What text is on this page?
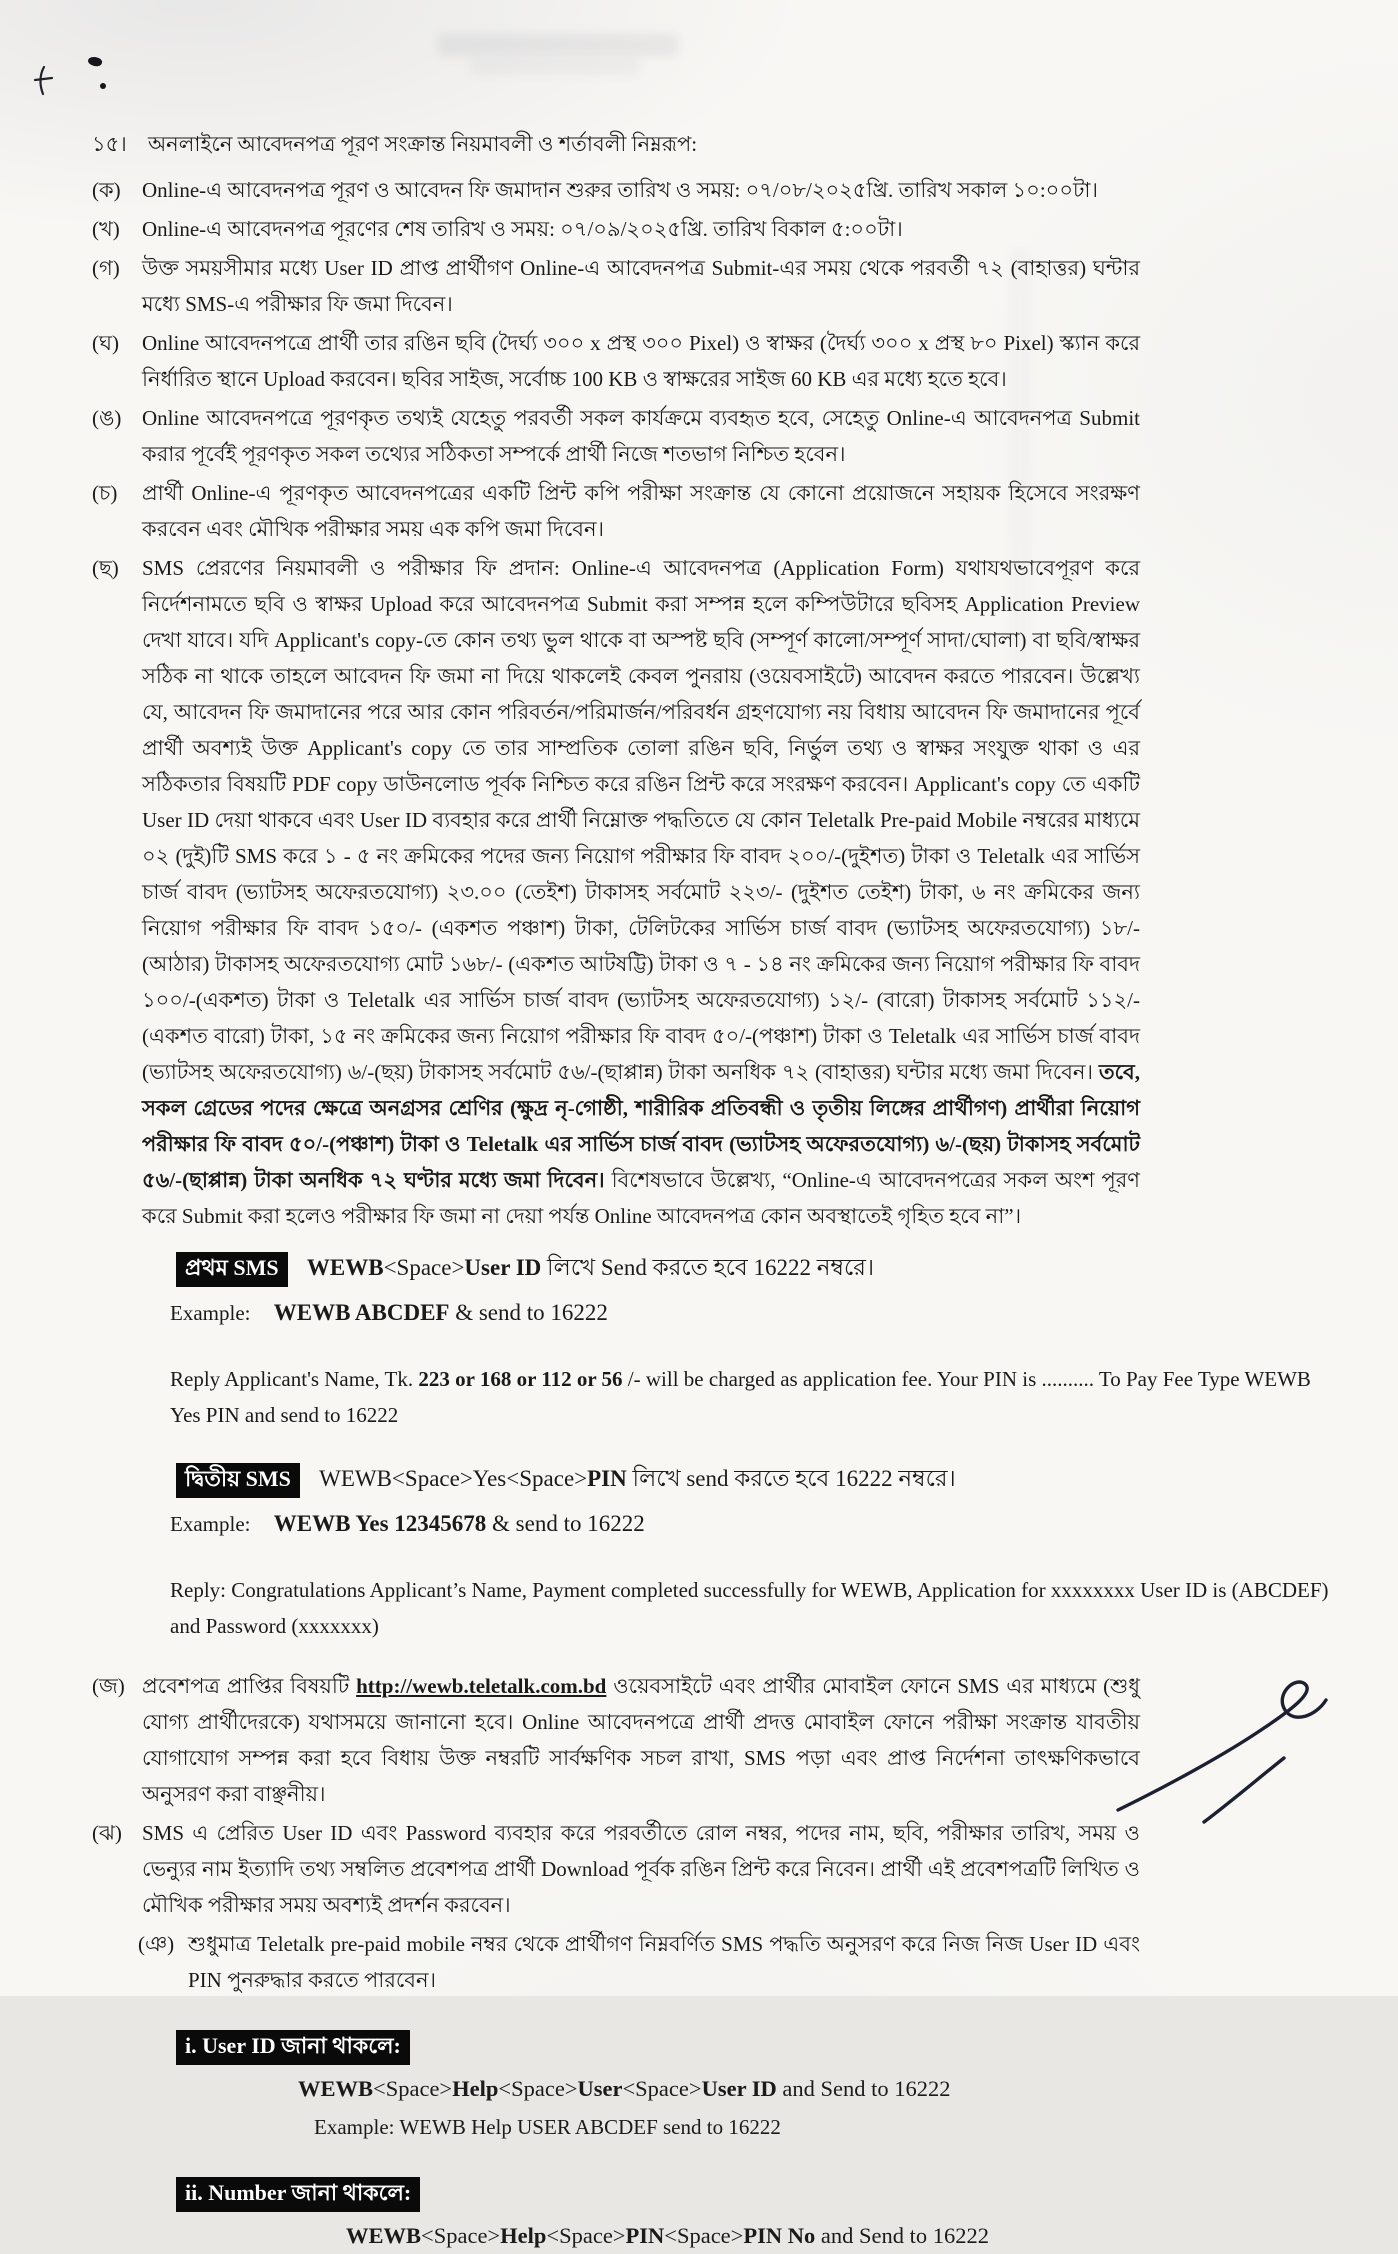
১৫।	অনলাইনে আবেদনপত্র পূরণ সংক্রান্ত নিয়মাবলী ও শর্তাবলী নিম্নরূপ:
(ক)	Online-এ আবেদনপত্র পূরণ ও আবেদন ফি জমাদান শুরুর তারিখ ও সময়: ০৭/০৮/২০২৫খ্রি. তারিখ সকাল ১০:০০টা।
(খ)	Online-এ আবেদনপত্র পূরণের শেষ তারিখ ও সময়: ০৭/০৯/২০২৫খ্রি. তারিখ বিকাল ৫:০০টা।
(গ)	উক্ত সময়সীমার মধ্যে User ID প্রাপ্ত প্রার্থীগণ Online-এ আবেদনপত্র Submit-এর সময় থেকে পরবর্তী ৭২ (বাহাত্তর) ঘন্টার মধ্যে SMS-এ পরীক্ষার ফি জমা দিবেন।
(ঘ)	Online আবেদনপত্রে প্রার্থী তার রঙিন ছবি (দৈর্ঘ্য ৩০০ x প্রস্থ ৩০০ Pixel) ও স্বাক্ষর (দৈর্ঘ্য ৩০০ x প্রস্থ ৮০ Pixel) স্ক্যান করে নির্ধারিত স্থানে Upload করবেন। ছবির সাইজ, সর্বোচ্চ 100 KB ও স্বাক্ষরের সাইজ 60 KB এর মধ্যে হতে হবে।
(ঙ) Online আবেদনপত্রে পূরণকৃত তথ্যই যেহেতু পরবর্তী সকল কার্যক্রমে ব্যবহৃত হবে, সেহেতু Online-এ আবেদনপত্র Submit করার পূর্বেই পূরণকৃত সকল তথ্যের সঠিকতা সম্পর্কে প্রার্থী নিজে শতভাগ নিশ্চিত হবেন।
(চ)	প্রার্থী Online-এ পূরণকৃত আবেদনপত্রের একটি প্রিন্ট কপি পরীক্ষা সংক্রান্ত যে কোনো প্রয়োজনে সহায়ক হিসেবে সংরক্ষণ করবেন এবং মৌখিক পরীক্ষার সময় এক কপি জমা দিবেন।
(ছ)	SMS প্রেরণের নিয়মাবলী ও পরীক্ষার ফি প্রদান: Online-এ আবেদনপত্র (Application Form) যথাযথভাবেপূরণ করে নির্দেশনামতে ছবি ও স্বাক্ষর Upload করে আবেদনপত্র Submit করা সম্পন্ন হলে কম্পিউটারে ছবিসহ Application Preview দেখা যাবে। যদি Applicant's copy-তে কোন তথ্য ভুল থাকে বা অস্পষ্ট ছবি (সম্পূর্ণ কালো/সম্পূর্ণ সাদা/ঘোলা) বা ছবি/স্বাক্ষর সঠিক না থাকে তাহলে আবেদন ফি জমা না দিয়ে থাকলেই কেবল পুনরায় (ওয়েবসাইটে) আবেদন করতে পারবেন। উল্লেখ্য যে, আবেদন ফি জমাদানের পরে আর কোন পরিবর্তন/পরিমার্জন/পরিবর্ধন গ্রহণযোগ্য নয় বিধায় আবেদন ফি জমাদানের পূর্বে প্রার্থী অবশ্যই উক্ত Applicant's copy তে তার সাম্প্রতিক তোলা রঙিন ছবি, নির্ভুল তথ্য ও স্বাক্ষর সংযুক্ত থাকা ও এর সঠিকতার বিষয়টি PDF copy ডাউনলোড পূর্বক নিশ্চিত করে রঙিন প্রিন্ট করে সংরক্ষণ করবেন। Applicant's copy তে একটি User ID দেয়া থাকবে এবং User ID ব্যবহার করে প্রার্থী নিম্নোক্ত পদ্ধতিতে যে কোন Teletalk Pre-paid Mobile নম্বরের মাধ্যমে ০২ (দুই)টি SMS করে ১ - ৫ নং ক্রমিকের পদের জন্য নিয়োগ পরীক্ষার ফি বাবদ ২০০/-(দুইশত) টাকা ও Teletalk এর সার্ভিস চার্জ বাবদ (ভ্যাটসহ অফেরতযোগ্য) ২৩.০০ (তেইশ) টাকাসহ সর্বমোট ২২৩/- (দুইশত তেইশ) টাকা, ৬ নং ক্রমিকের জন্য নিয়োগ পরীক্ষার ফি বাবদ ১৫০/- (একশত পঞ্চাশ) টাকা, টেলিটকের সার্ভিস চার্জ বাবদ (ভ্যাটসহ অফেরতযোগ্য) ১৮/- (আঠার) টাকাসহ অফেরতযোগ্য মোট ১৬৮/- (একশত আটষট্টি) টাকা ও ৭ - ১৪ নং ক্রমিকের জন্য নিয়োগ পরীক্ষার ফি বাবদ ১০০/-(একশত) টাকা ও Teletalk এর সার্ভিস চার্জ বাবদ (ভ্যাটসহ অফেরতযোগ্য) ১২/- (বারো) টাকাসহ সর্বমোট ১১২/- (একশত বারো) টাকা, ১৫ নং ক্রমিকের জন্য নিয়োগ পরীক্ষার ফি বাবদ ৫০/-(পঞ্চাশ) টাকা ও Teletalk এর সার্ভিস চার্জ বাবদ (ভ্যাটসহ অফেরতযোগ্য) ৬/-(ছয়) টাকাসহ সর্বমোট ৫৬/-(ছাপ্পান্ন) টাকা অনধিক ৭২ (বাহাত্তর) ঘন্টার মধ্যে জমা দিবেন। তবে, সকল গ্রেডের পদের ক্ষেত্রে অনগ্রসর শ্রেণির (ক্ষুদ্র নৃ-গোষ্ঠী, শারীরিক প্রতিবন্ধী ও তৃতীয় লিঙ্গের প্রার্থীগণ) প্রার্থীরা নিয়োগ পরীক্ষার ফি বাবদ ৫০/-(পঞ্চাশ) টাকা ও Teletalk এর সার্ভিস চার্জ বাবদ (ভ্যাটসহ অফেরতযোগ্য) ৬/-(ছয়) টাকাসহ সর্বমোট ৫৬/-(ছাপ্পান্ন) টাকা অনধিক ৭২ ঘণ্টার মধ্যে জমা দিবেন। বিশেষভাবে উল্লেখ্য, “Online-এ আবেদনপত্রের সকল অংশ পূরণ করে Submit করা হলেও পরীক্ষার ফি জমা না দেয়া পর্যন্ত Online আবেদনপত্র কোন অবস্থাতেই গৃহিত হবে না”।
প্রথম SMS WEWB<Space>User ID লিখে Send করতে হবে 16222 নম্বরে।
Example: WEWB ABCDEF & send to 16222
Reply Applicant's Name, Tk. 223 or 168 or 112 or 56 /- will be charged as application fee. Your PIN is .......... To Pay Fee Type WEWB Yes PIN and send to 16222
দ্বিতীয় SMS WEWB<Space>Yes<Space>PIN লিখে send করতে হবে 16222 নম্বরে।
Example: WEWB Yes 12345678 & send to 16222
Reply: Congratulations Applicant’s Name, Payment completed successfully for WEWB, Application for xxxxxxxx User ID is (ABCDEF) and Password (xxxxxxx)
(জ) প্রবেশপত্র প্রাপ্তির বিষয়টি http://wewb.teletalk.com.bd ওয়েবসাইটে এবং প্রার্থীর মোবাইল ফোনে SMS এর মাধ্যমে (শুধু যোগ্য প্রার্থীদেরকে) যথাসময়ে জানানো হবে। Online আবেদনপত্রে প্রার্থী প্রদত্ত মোবাইল ফোনে পরীক্ষা সংক্রান্ত যাবতীয় যোগাযোগ সম্পন্ন করা হবে বিধায় উক্ত নম্বরটি সার্বক্ষণিক সচল রাখা, SMS পড়া এবং প্রাপ্ত নির্দেশনা তাৎক্ষণিকভাবে অনুসরণ করা বাঞ্ছনীয়।
(ঝ) SMS এ প্রেরিত User ID এবং Password ব্যবহার করে পরবর্তীতে রোল নম্বর, পদের নাম, ছবি, পরীক্ষার তারিখ, সময় ও ভেন্যুর নাম ইত্যাদি তথ্য সম্বলিত প্রবেশপত্র প্রার্থী Download পূর্বক রঙিন প্রিন্ট করে নিবেন। প্রার্থী এই প্রবেশপত্রটি লিখিত ও মৌখিক পরীক্ষার সময় অবশ্যই প্রদর্শন করবেন।
(ঞ) শুধুমাত্র Teletalk pre-paid mobile নম্বর থেকে প্রার্থীগণ নিম্নবর্ণিত SMS পদ্ধতি অনুসরণ করে নিজ নিজ User ID এবং PIN পুনরুদ্ধার করতে পারবেন।
i. User ID জানা থাকলে:
WEWB<Space>Help<Space>User<Space>User ID and Send to 16222
Example: WEWB Help USER ABCDEF send to 16222
ii. Number জানা থাকলে:
WEWB<Space>Help<Space>PIN<Space>PIN No and Send to 16222
